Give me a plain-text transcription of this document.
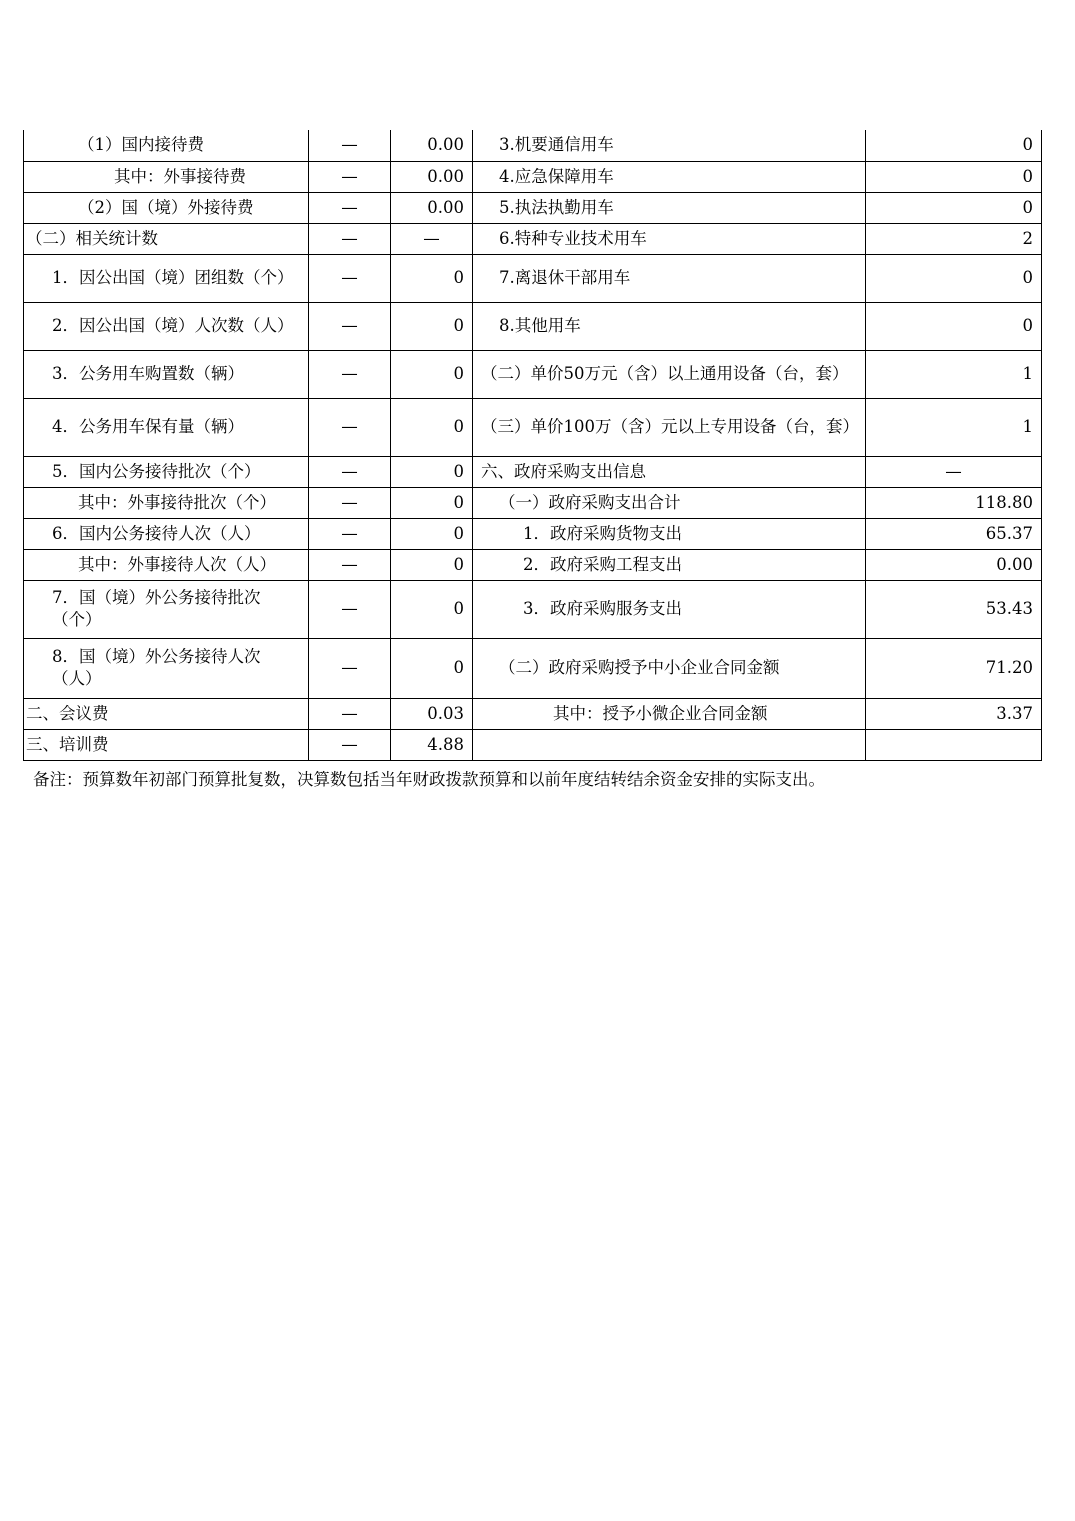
（1）国内接待费	—	0.00	3.机要通信用车	0
其中：外事接待费	—	0.00	4.应急保障用车	0
（2）国（境）外接待费	—	0.00	5.执法执勤用车	0
（二）相关统计数	—	—	6.特种专业技术用车	2
1．因公出国（境）团组数（个）	—	0	7.离退休干部用车	0
2．因公出国（境）人次数（人）	—	0	8.其他用车	0
3．公务用车购置数（辆）	—	0	（二）单价50万元（含）以上通用设备（台，套）	1
4．公务用车保有量（辆）	—	0	（三）单价100万（含）元以上专用设备（台，套）	1
5．国内公务接待批次（个）	—	0	六、政府采购支出信息	—
其中：外事接待批次（个）	—	0	（一）政府采购支出合计	118.80
6．国内公务接待人次（人）	—	0	1．政府采购货物支出	65.37
其中：外事接待人次（人）	—	0	2．政府采购工程支出	0.00
7．国（境）外公务接待批次（个）	—	0	3．政府采购服务支出	53.43
8．国（境）外公务接待人次（人）	—	0	（二）政府采购授予中小企业合同金额	71.20
二、会议费	—	0.03	其中：授予小微企业合同金额	3.37
三、培训费	—	4.88		
备注：预算数年初部门预算批复数，决算数包括当年财政拨款预算和以前年度结转结余资金安排的实际支出。
